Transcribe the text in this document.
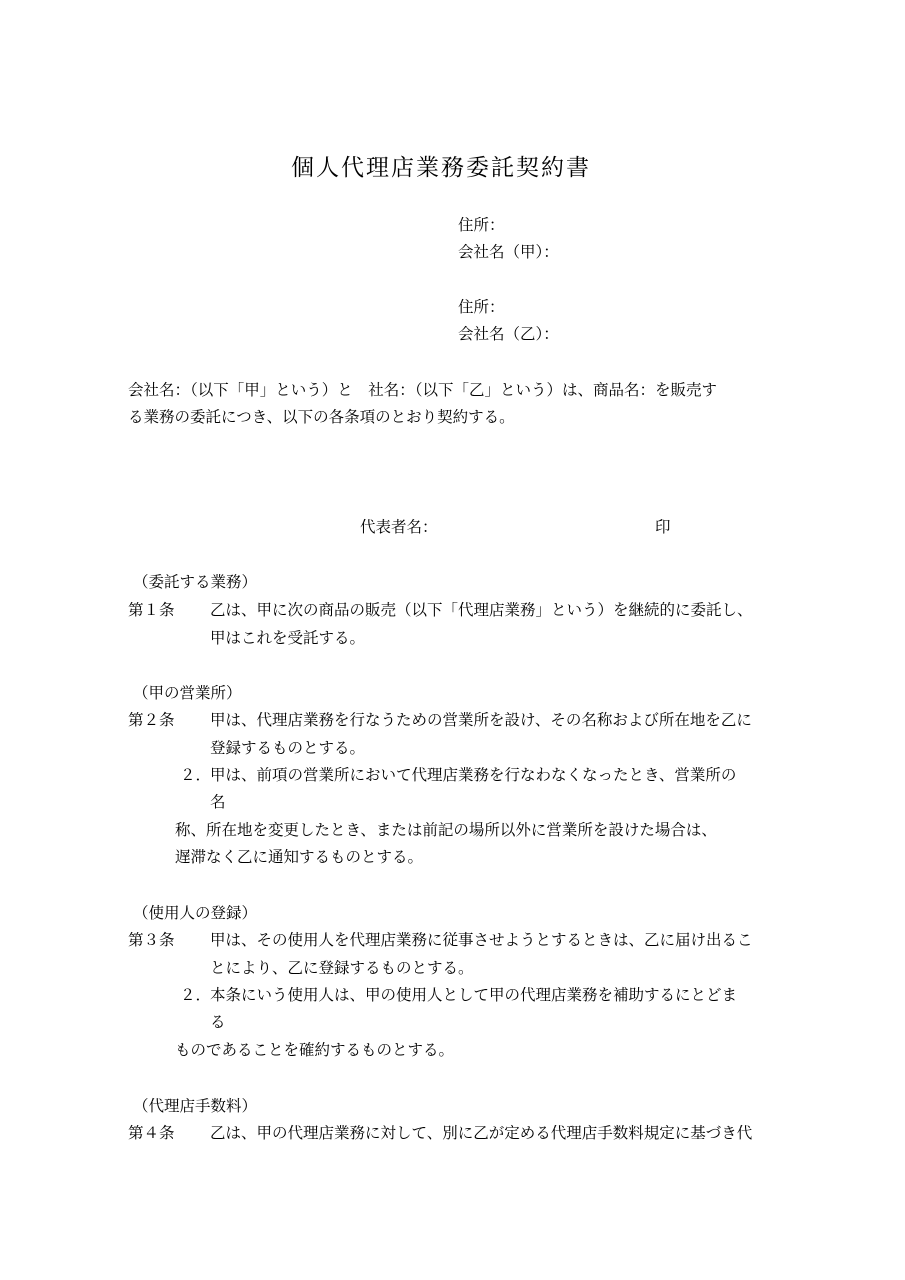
個人代理店業務委託契約書
住所：
会社名（甲）：
住所：
会社名（乙）：
会社名：（以下「甲」という）と　社名：（以下「乙」という）は、商品名：を販売す
る業務の委託につき、以下の各条項のとおり契約する。
代表者名：	印
（委託する業務）
第１条 乙は、甲に次の商品の販売（以下「代理店業務」という）を継続的に委託し、
甲はこれを受託する。
（甲の営業所）
第２条 甲は、代理店業務を行なうための営業所を設け、その名称および所在地を乙に
登録するものとする。
２．
甲は、前項の営業所において代理店業務を行なわなくなったとき、営業所の
名
称、所在地を変更したとき、または前記の場所以外に営業所を設けた場合は、
遅滞なく乙に通知するものとする。
（使用人の登録）
第３条 甲は、その使用人を代理店業務に従事させようとするときは、乙に届け出るこ
とにより、乙に登録するものとする。
２．
本条にいう使用人は、甲の使用人として甲の代理店業務を補助するにとどま
る
ものであることを確約するものとする。
（代理店手数料）
第４条 乙は、甲の代理店業務に対して、別に乙が定める代理店手数料規定に基づき代
